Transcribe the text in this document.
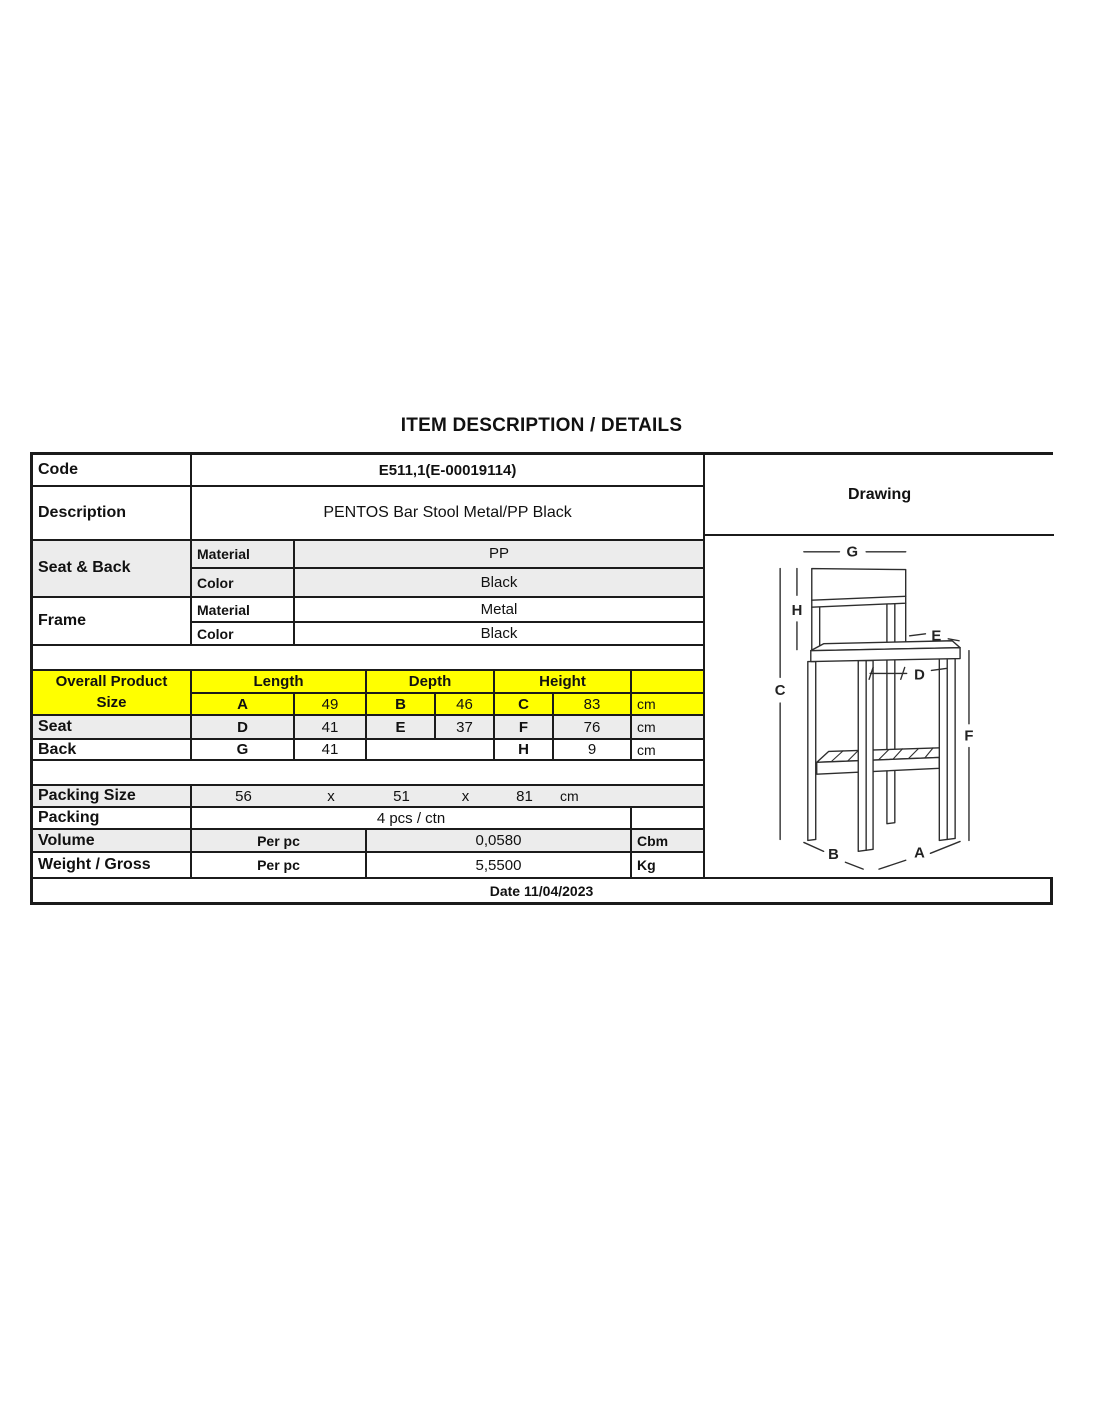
ITEM DESCRIPTION / DETAILS
Code	E511,1(E-00019114)						
Description	PENTOS Bar Stool Metal/PP Black						
Seat & Back	Material	PP					
	Color	Black					
Frame	Material	Metal					
	Color	Black					

Overall Product
Size	Length		Depth		Height		
	A	49	B	46	C	83	cm
Seat	D	41	E	37	F	76	cm
Back	G	41			H	9	cm

Packing Size	56	x	51	x	81	cm

Packing	4 pcs / ctn						
Volume	Per pc		0,0580				Cbm
Weight / Gross	Per pc		5,5500				Kg
Drawing
G
C
H
F
E
D
A
B
Date 11/04/2023
